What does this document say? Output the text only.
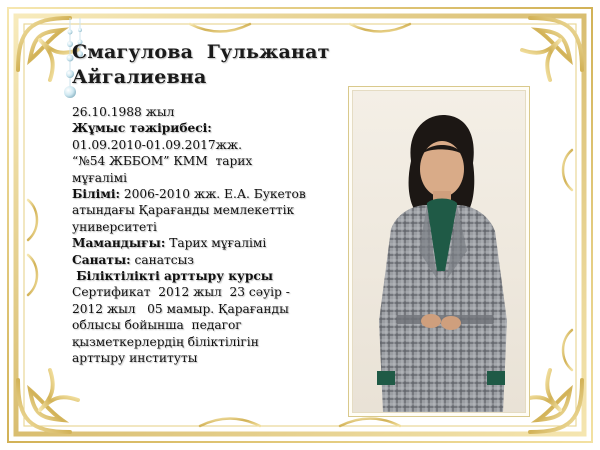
Смагулова  Гульжанат
Айгалиевна
26.10.1988 жыл
Жұмыс тәжірибесі:
01.09.2010-01.09.2017жж.
“№54 ЖББОМ” КММ  тарих
мұғалімі
Білімі: 2006-2010 жж. Е.А. Букетов
атындағы Қарағанды мемлекеттік
университеті
Мамандығы: Тарих мұғалімі
Санаты: санатсыз
Біліктілікті арттыру курсы
Сертификат  2012 жыл  23 сәуір -
2012 жыл   05 мамыр. Қарағанды
облысы бойынша  педагог
қызметкерлердің біліктілігін
арттыру институты
